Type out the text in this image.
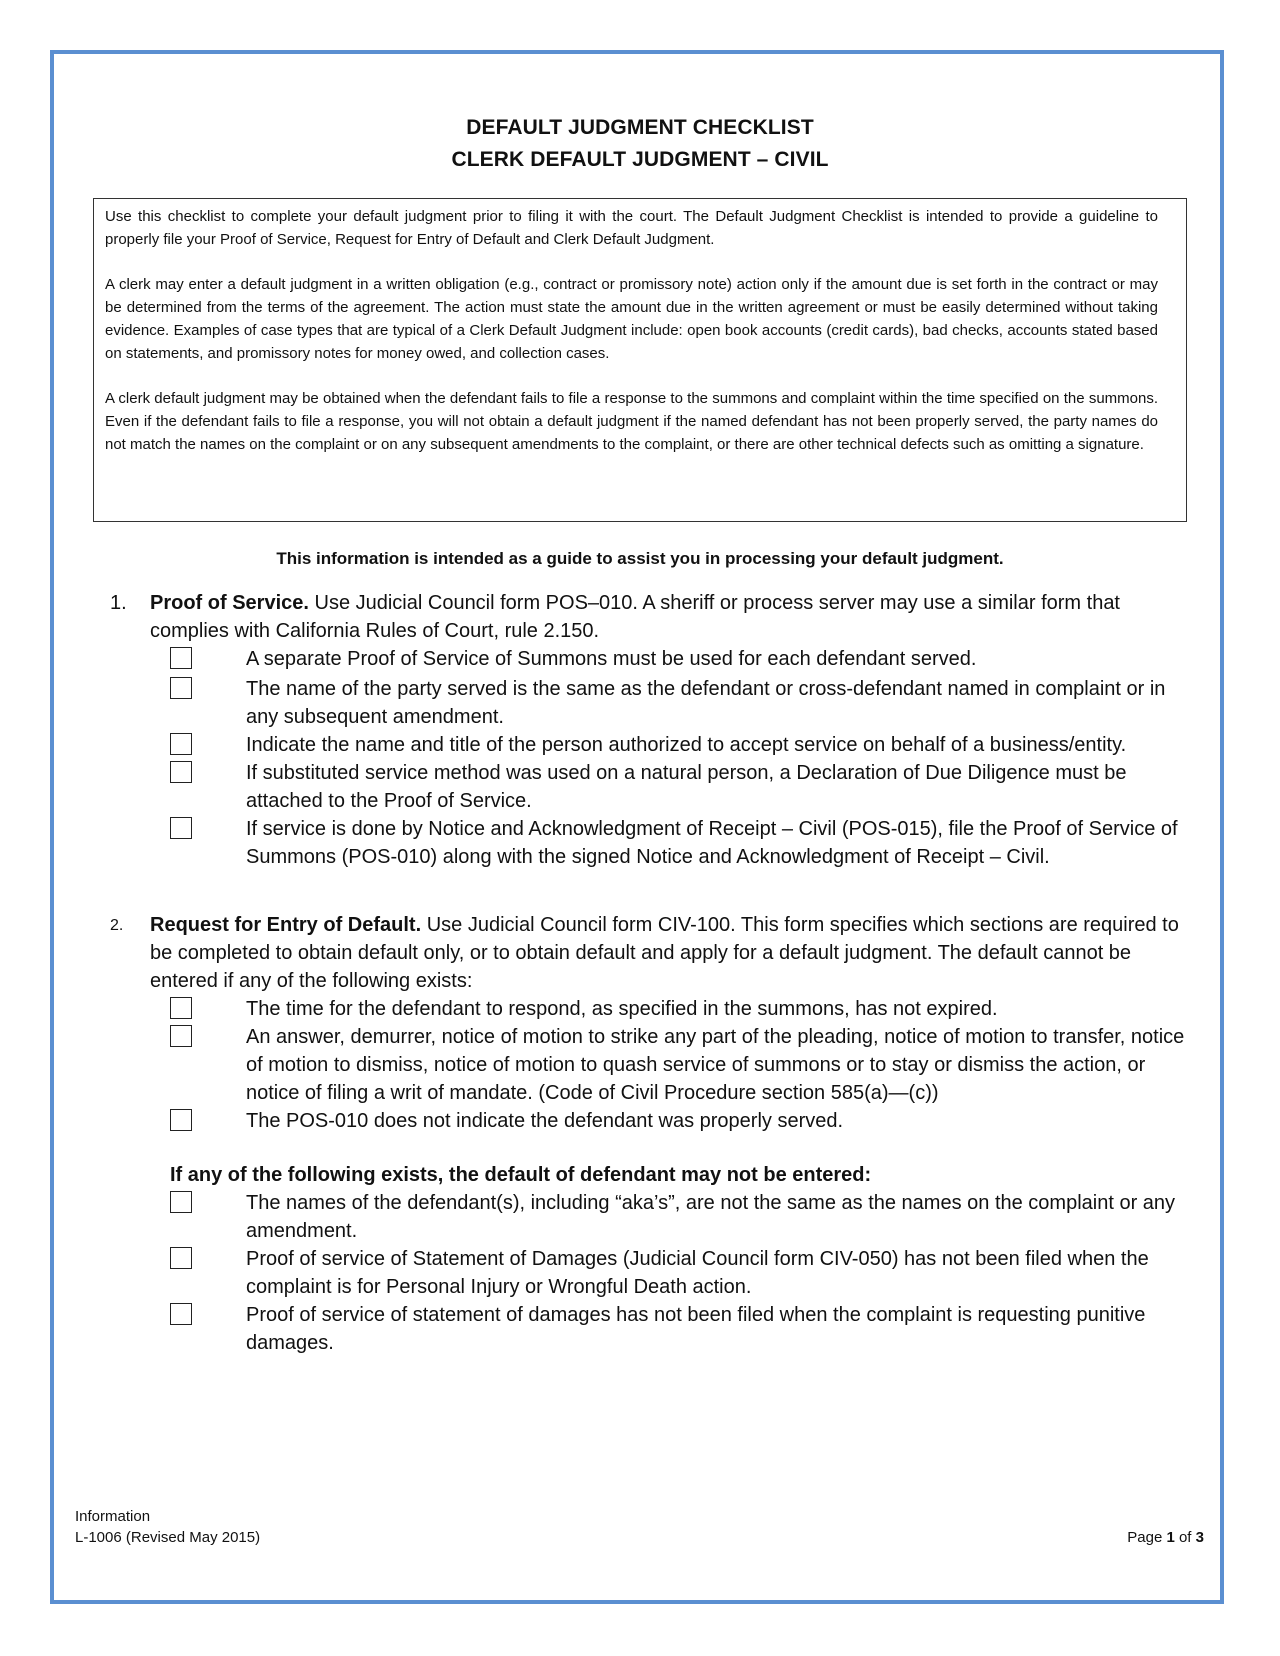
DEFAULT JUDGMENT CHECKLIST
CLERK DEFAULT JUDGMENT – CIVIL

Use this checklist to complete your default judgment prior to filing it with the court. The Default Judgment Checklist is intended to provide a guideline to properly file your Proof of Service, Request for Entry of Default and Clerk Default Judgment.

A clerk may enter a default judgment in a written obligation (e.g., contract or promissory note) action only if the amount due is set forth in the contract or may be determined from the terms of the agreement. The action must state the amount due in the written agreement or must be easily determined without taking evidence. Examples of case types that are typical of a Clerk Default Judgment include: open book accounts (credit cards), bad checks, accounts stated based on statements, and promissory notes for money owed, and collection cases.

A clerk default judgment may be obtained when the defendant fails to file a response to the summons and complaint within the time specified on the summons. Even if the defendant fails to file a response, you will not obtain a default judgment if the named defendant has not been properly served, the party names do not match the names on the complaint or on any subsequent amendments to the complaint, or there are other technical defects such as omitting a signature.

This information is intended as a guide to assist you in processing your default judgment.
1.	Proof of Service. Use Judicial Council form POS–010. A sheriff or process server may use a similar form that complies with California Rules of Court, rule 2.150.
A separate Proof of Service of Summons must be used for each defendant served.
The name of the party served is the same as the defendant or cross-defendant named in complaint or in any subsequent amendment.
Indicate the name and title of the person authorized to accept service on behalf of a business/entity.
If substituted service method was used on a natural person, a Declaration of Due Diligence must be attached to the Proof of Service.
If service is done by Notice and Acknowledgment of Receipt – Civil (POS-015), file the Proof of Service of Summons (POS-010) along with the signed Notice and Acknowledgment of Receipt – Civil.
2.	Request for Entry of Default. Use Judicial Council form CIV-100. This form specifies which sections are required to be completed to obtain default only, or to obtain default and apply for a default judgment. The default cannot be entered if any of the following exists:
The time for the defendant to respond, as specified in the summons, has not expired.
An answer, demurrer, notice of motion to strike any part of the pleading, notice of motion to transfer, notice of motion to dismiss, notice of motion to quash service of summons or to stay or dismiss the action, or notice of filing a writ of mandate. (Code of Civil Procedure section 585(a)—(c))
The POS-010 does not indicate the defendant was properly served.
If any of the following exists, the default of defendant may not be entered:
The names of the defendant(s), including “aka’s”, are not the same as the names on the complaint or any amendment.
Proof of service of Statement of Damages (Judicial Council form CIV-050) has not been filed when the complaint is for Personal Injury or Wrongful Death action.
Proof of service of statement of damages has not been filed when the complaint is requesting punitive damages.
Information
L-1006 (Revised May 2015)	Page 1 of 3
